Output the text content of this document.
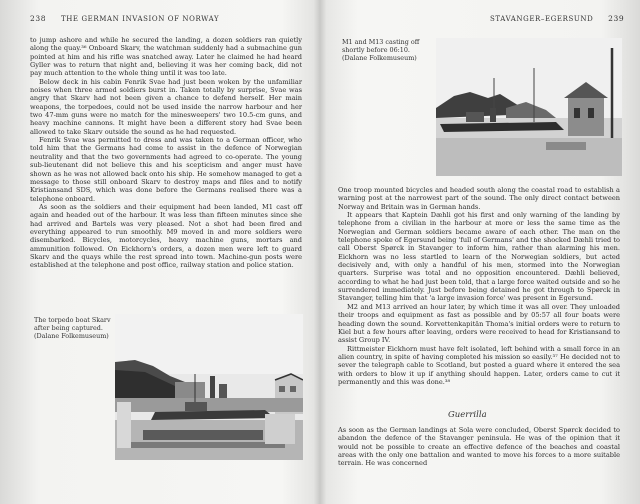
238 THE GERMAN INVASION OF NORWAY

to jump ashore and while he secured the landing, a dozen soldiers ran quietly along the quay.³⁶ Onboard Skarv, the watchman suddenly had a submachine gun pointed at him and his rifle was snatched away. Later he claimed he had heard Gyller was to return that night and, believing it was her coming back, did not pay much attention to the whole thing until it was too late.

Below deck in his cabin Fenrik Svae had just been woken by the unfamiliar noises when three armed soldiers burst in. Taken totally by surprise, Svae was angry that Skarv had not been given a chance to defend herself. Her main weapons, the torpedoes, could not be used inside the narrow harbour and her two 47-mm guns were no match for the minesweepers' two 10.5-cm guns, and heavy machine cannons. It might have been a different story had Svae been allowed to take Skarv outside the sound as he had requested.

Fenrik Svae was permitted to dress and was taken to a German officer, who told him that the Germans had come to assist in the defence of Norwegian neutrality and that the two governments had agreed to co-operate. The young sub-lieutenant did not believe this and his scepticism and anger must have shown as he was not allowed back onto his ship. He somehow managed to get a message to those still onboard Skarv to destroy maps and files and to notify Kristiansand SDS, which was done before the Germans realised there was a telephone onboard.

As soon as the soldiers and their equipment had been landed, M1 cast off again and headed out of the harbour. It was less than fifteen minutes since she had arrived and Bartels was very pleased. Not a shot had been fired and everything appeared to run smoothly. M9 moved in and more soldiers were disembarked. Bicycles, motorcycles, heavy machine guns, mortars and ammunition followed. On Eickhorn's orders, a dozen men were left to guard Skarv and the quays while the rest spread into town. Machine-gun posts were established at the telephone and post office, railway station and police station.

The torpedo boat Skarv
after being captured.
(Dalane Folkemuseum)
STAVANGER–EGERSUND 239
M1 and M13 casting off
shortly before 06:10.
(Dalane Folkemuseum)

One troop mounted bicycles and headed south along the coastal road to establish a warning post at the narrowest part of the sound. The only direct contact between Norway and Britain was in German hands.

It appears that Kaptein Dæhli got his first and only warning of the landing by telephone from a civilian in the harbour at more or less the same time as the Norwegian and German soldiers became aware of each other. The man on the telephone spoke of Egersund being 'full of Germans' and the shocked Dæhli tried to call Oberst Spørck in Stavanger to inform him, rather than alarming his men. Eickhorn was no less startled to learn of the Norwegian soldiers, but acted decisively and, with only a handful of his men, stormed into the Norwegian quarters. Surprise was total and no opposition encountered. Dæhli believed, according to what he had just been told, that a large force waited outside and so he surrendered immediately. Just before being detained he got through to Spørck in Stavanger, telling him that 'a large invasion force' was present in Egersund.

M2 and M13 arrived an hour later, by which time it was all over. They unloaded their troops and equipment as fast as possible and by 05:57 all four boats were heading down the sound. Korvettenkapitän Thoma's initial orders were to return to Kiel but a few hours after leaving, orders were received to head for Kristiansand to assist Group IV.

Rittmeister Eickhorn must have felt isolated, left behind with a small force in an alien country, in spite of having completed his mission so easily.³⁷ He decided not to sever the telegraph cable to Scotland, but posted a guard where it entered the sea with orders to blow it up if anything should happen. Later, orders came to cut it permanently and this was done.³⁸

Guerrilla

As soon as the German landings at Sola were concluded, Oberst Spørck decided to abandon the defence of the Stavanger peninsula. He was of the opinion that it would not be possible to create an effective defence of the beaches and coastal areas with the only one battalion and wanted to move his forces to a more suitable terrain. He was concerned
